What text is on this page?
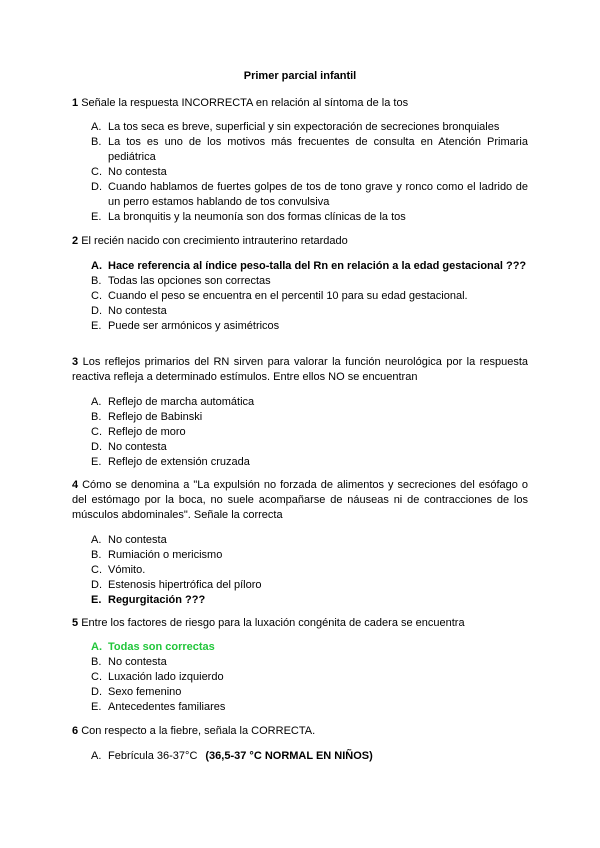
Primer parcial infantil
1 Señale la respuesta INCORRECTA en relación al síntoma de la tos
A. La tos seca es breve, superficial y sin expectoración de secreciones bronquiales
B. La tos es uno de los motivos más frecuentes de consulta en Atención Primaria pediátrica
C. No contesta
D. Cuando hablamos de fuertes golpes de tos de tono grave y ronco como el ladrido de un perro estamos hablando de tos convulsiva
E. La bronquitis y la neumonía son dos formas clínicas de la tos
2 El recién nacido con crecimiento intrauterino retardado
A. Hace referencia al índice peso-talla del Rn en relación a la edad gestacional ???
B. Todas las opciones son correctas
C. Cuando el peso se encuentra en el percentil 10 para su edad gestacional.
D. No contesta
E. Puede ser armónicos y asimétricos
3 Los reflejos primarios del RN sirven para valorar la función neurológica por la respuesta reactiva refleja a determinado estímulos. Entre ellos NO se encuentran
A. Reflejo de marcha automática
B. Reflejo de Babinski
C. Reflejo de moro
D. No contesta
E. Reflejo de extensión cruzada
4 Cómo se denomina a "La expulsión no forzada de alimentos y secreciones del esófago o del estómago por la boca, no suele acompañarse de náuseas ni de contracciones de los músculos abdominales". Señale la correcta
A. No contesta
B. Rumiación o mericismo
C. Vómito.
D. Estenosis hipertrófica del píloro
E. Regurgitación ???
5 Entre los factores de riesgo para la luxación congénita de cadera se encuentra
A. Todas son correctas
B. No contesta
C. Luxación lado izquierdo
D. Sexo femenino
E. Antecedentes familiares
6 Con respecto a la fiebre, señala la CORRECTA.
A. Febrícula 36-37°C (36,5-37 °C NORMAL EN NIÑOS)
